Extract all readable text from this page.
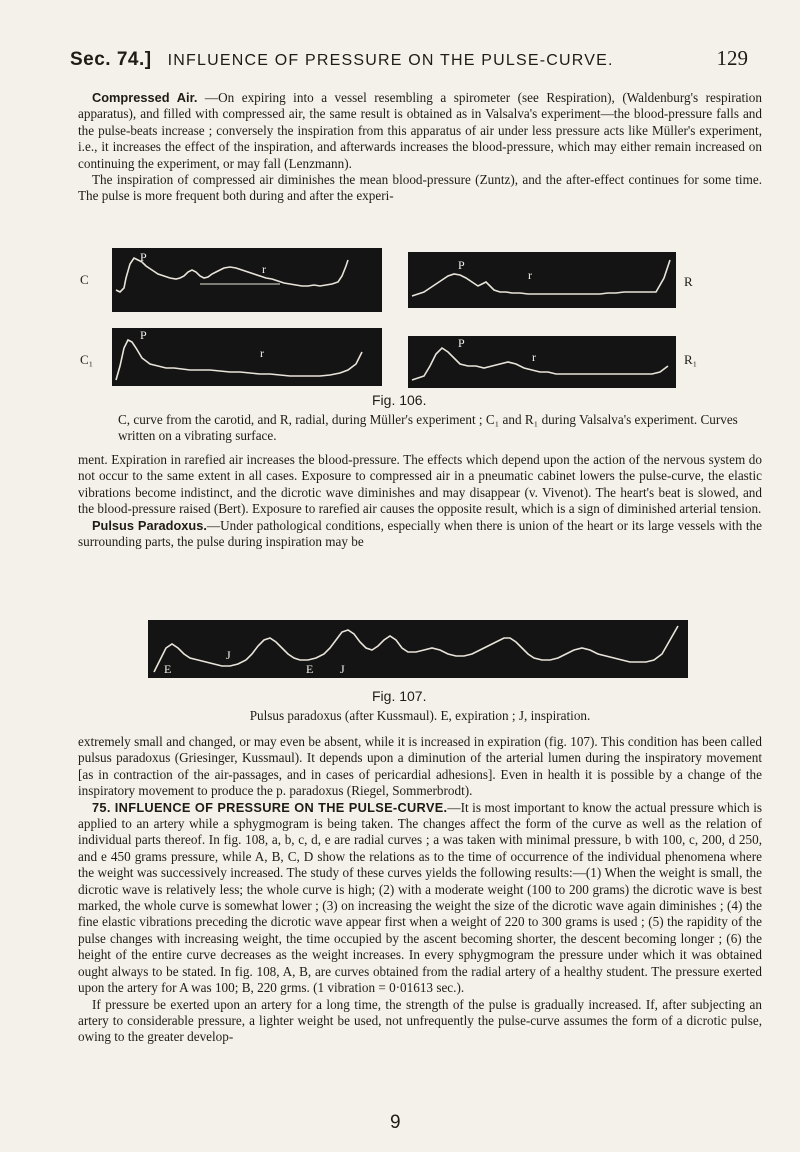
Sec. 74.] INFLUENCE OF PRESSURE ON THE PULSE-CURVE.	129

Compressed Air. —On expiring into a vessel resembling a spirometer (see Respiration), (Waldenburg's respiration apparatus), and filled with compressed air, the same result is obtained as in Valsalva's experiment—the blood-pressure falls and the pulse-beats increase ; conversely the inspiration from this apparatus of air under less pressure acts like Müller's experiment, i.e., it increases the effect of the inspiration, and afterwards increases the blood-pressure, which may either remain increased on continuing the experiment, or may fall (Lenzmann).

The inspiration of compressed air diminishes the mean blood-pressure (Zuntz), and the after-effect continues for some time. The pulse is more frequent both during and after the experi-

C	R
C₁	R₁
P
r	P
r
P
r
P
r
Fig. 106.

C, curve from the carotid, and R, radial, during Müller's experiment ; C₁ and R₁ during Valsalva's experiment. Curves written on a vibrating surface.

ment. Expiration in rarefied air increases the blood-pressure. The effects which depend upon the action of the nervous system do not occur to the same extent in all cases. Exposure to compressed air in a pneumatic cabinet lowers the pulse-curve, the elastic vibrations become indistinct, and the dicrotic wave diminishes and may disappear (v. Vivenot). The heart's beat is slowed, and the blood-pressure raised (Bert). Exposure to rarefied air causes the opposite result, which is a sign of diminished arterial tension.

Pulsus Paradoxus.—Under pathological conditions, especially when there is union of the heart or its large vessels with the surrounding parts, the pulse during inspiration may be

E
J
E J
Fig. 107.

Pulsus paradoxus (after Kussmaul). E, expiration ; J, inspiration.

extremely small and changed, or may even be absent, while it is increased in expiration (fig. 107). This condition has been called pulsus paradoxus (Griesinger, Kussmaul). It depends upon a diminution of the arterial lumen during the inspiratory movement [as in contraction of the air-passages, and in cases of pericardial adhesions]. Even in health it is possible by a change of the inspiratory movement to produce the p. paradoxus (Riegel, Sommerbrodt).

75. INFLUENCE OF PRESSURE ON THE PULSE-CURVE.—It is most important to know the actual pressure which is applied to an artery while a sphygmogram is being taken. The changes affect the form of the curve as well as the relation of individual parts thereof. In fig. 108, a, b, c, d, e are radial curves ; a was taken with minimal pressure, b with 100, c, 200, d 250, and e 450 grams pressure, while A, B, C, D show the relations as to the time of occurrence of the individual phenomena where the weight was successively increased. The study of these curves yields the following results:—(1) When the weight is small, the dicrotic wave is relatively less; the whole curve is high; (2) with a moderate weight (100 to 200 grams) the dicrotic wave is best marked, the whole curve is somewhat lower ; (3) on increasing the weight the size of the dicrotic wave again diminishes ; (4) the fine elastic vibrations preceding the dicrotic wave appear first when a weight of 220 to 300 grams is used ; (5) the rapidity of the pulse changes with increasing weight, the time occupied by the ascent becoming shorter, the descent becoming longer ; (6) the height of the entire curve decreases as the weight increases. In every sphygmogram the pressure under which it was obtained ought always to be stated. In fig. 108, A, B, are curves obtained from the radial artery of a healthy student. The pressure exerted upon the artery for A was 100; B, 220 grms. (1 vibration = 0·01613 sec.).

If pressure be exerted upon an artery for a long time, the strength of the pulse is gradually increased. If, after subjecting an artery to considerable pressure, a lighter weight be used, not unfrequently the pulse-curve assumes the form of a dicrotic pulse, owing to the greater develop-

9
